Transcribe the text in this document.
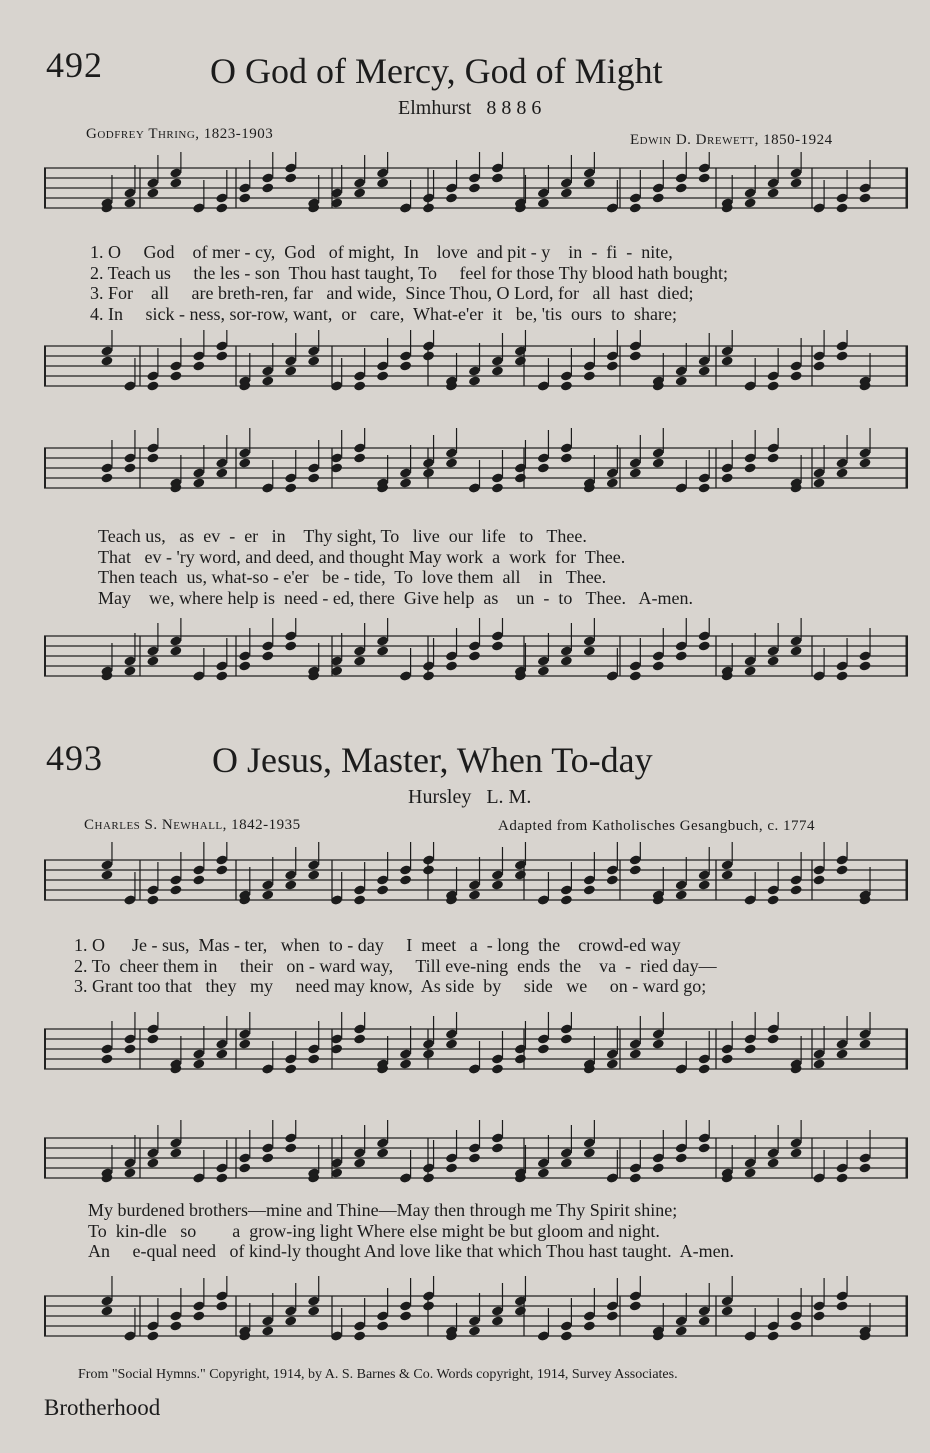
492	O God of Mercy, God of Might
Elmhurst 8 8 8 6
Godfrey Thring, 1823-1903	Edwin D. Drewett, 1850-1924
1. O     God    of mer - cy,  God   of might,  In    love  and pit - y    in  -  fi  -  nite,
2. Teach us     the les - son  Thou hast taught, To     feel for those Thy blood hath bought;
3. For    all     are breth-ren, far   and wide,  Since Thou, O Lord, for   all  hast  died;
4. In     sick - ness, sor-row, want,  or   care,  What-e'er  it   be, 'tis  ours  to  share;
Teach us,   as  ev  -  er   in    Thy sight, To   live  our  life   to   Thee.
That   ev - 'ry word, and deed, and thought May work  a  work  for  Thee.
Then teach  us, what-so - e'er   be - tide,  To  love them  all    in   Thee.
May    we, where help is  need - ed, there  Give help  as    un  -  to   Thee.   A-men.
493	O Jesus, Master, When To-day
Hursley L. M.
Charles S. Newhall, 1842-1935	Adapted from Katholisches Gesangbuch, c. 1774
1. O      Je - sus,  Mas - ter,   when  to - day     I  meet   a  - long  the    crowd-ed way
2. To  cheer them in     their   on - ward way,     Till eve-ning  ends  the    va  -  ried day—
3. Grant too that   they   my     need may know,  As side  by     side   we     on - ward go;
My burdened brothers—mine and Thine—May then through me Thy Spirit shine;
To  kin-dle   so        a  grow-ing light Where else might be but gloom and night.
An     e-qual need   of kind-ly thought And love like that which Thou hast taught.  A-men.
From "Social Hymns." Copyright, 1914, by A. S. Barnes & Co. Words copyright, 1914, Survey Associates.
Brotherhood
